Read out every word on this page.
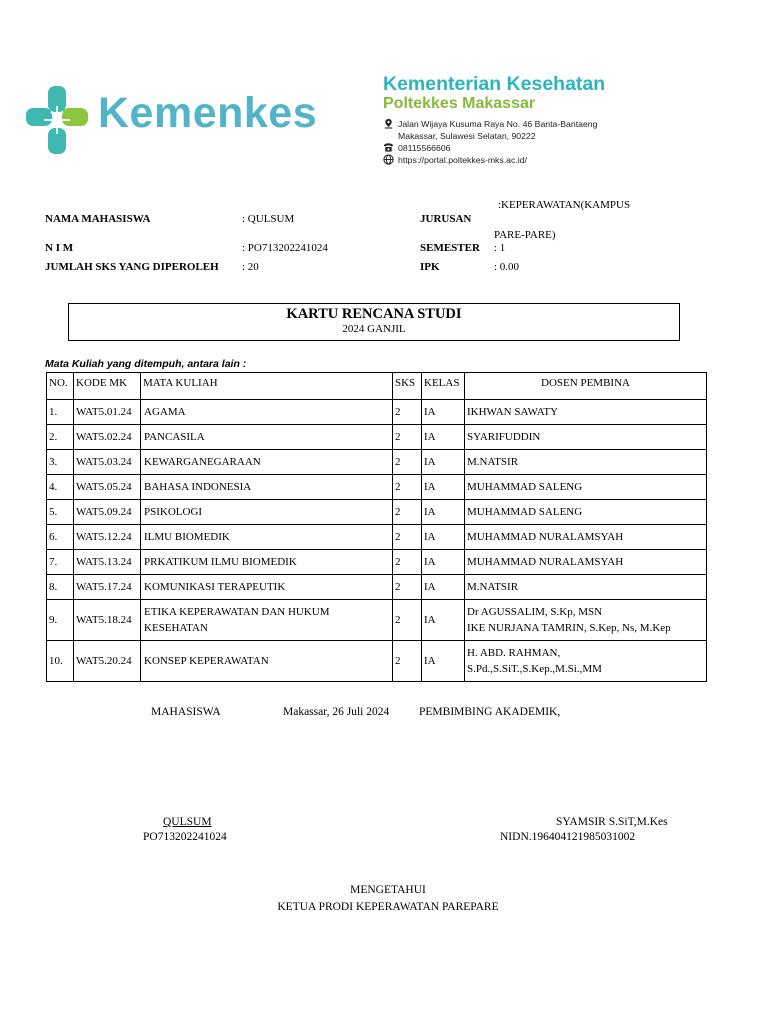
Kemenkes
Kementerian Kesehatan
Poltekkes Makassar
Jalan Wijaya Kusuma Raya No. 46 Banta-Bantaeng
Makassar, Sulawesi Selatan, 90222
08115566606
https://portal.poltekkes-mks.ac.id/
NAMA MAHASISWA	: QULSUM
N I M	: PO713202241024
JUMLAH SKS YANG DIPEROLEH : 20
JURUSAN
:KEPERAWATAN(KAMPUS
PARE-PARE)
SEMESTER : 1
IPK	: 0.00
KARTU RENCANA STUDI
2024 GANJIL
Mata Kuliah yang ditempuh, antara lain :
NO.	KODE MK	MATA KULIAH	SKS	KELAS	DOSEN PEMBINA
1.	WAT5.01.24	AGAMA	2	IA	IKHWAN SAWATY

2.	WAT5.02.24	PANCASILA	2	IA	SYARIFUDDIN

3.	WAT5.03.24	KEWARGANEGARAAN	2	IA	M.NATSIR

4.	WAT5.05.24	BAHASA INDONESIA	2	IA	MUHAMMAD SALENG

5.	WAT5.09.24	PSIKOLOGI	2	IA	MUHAMMAD SALENG

6.	WAT5.12.24	ILMU BIOMEDIK	2	IA	MUHAMMAD NURALAMSYAH

7.	WAT5.13.24	PRKATIKUM ILMU BIOMEDIK	2	IA	MUHAMMAD NURALAMSYAH

8.	WAT5.17.24	KOMUNIKASI TERAPEUTIK	2	IA	M.NATSIR

9.	WAT5.18.24	ETIKA KEPERAWATAN DAN HUKUM
KESEHATAN	2	IA	Dr AGUSSALIM, S.Kp, MSN
IKE NURJANA TAMRIN, S.Kep, Ns, M.Kep

10.	WAT5.20.24	KONSEP KEPERAWATAN	2	IA	H. ABD. RAHMAN,
S.Pd.,S.SiT.,S.Kep.,M.Si.,MM
MAHASISWA	Makassar, 26 Juli 2024	PEMBIMBING AKADEMIK,
QULSUM
PO713202241024
SYAMSIR S.SiT,M.Kes
NIDN.196404121985031002
MENGETAHUI
KETUA PRODI KEPERAWATAN PAREPARE
